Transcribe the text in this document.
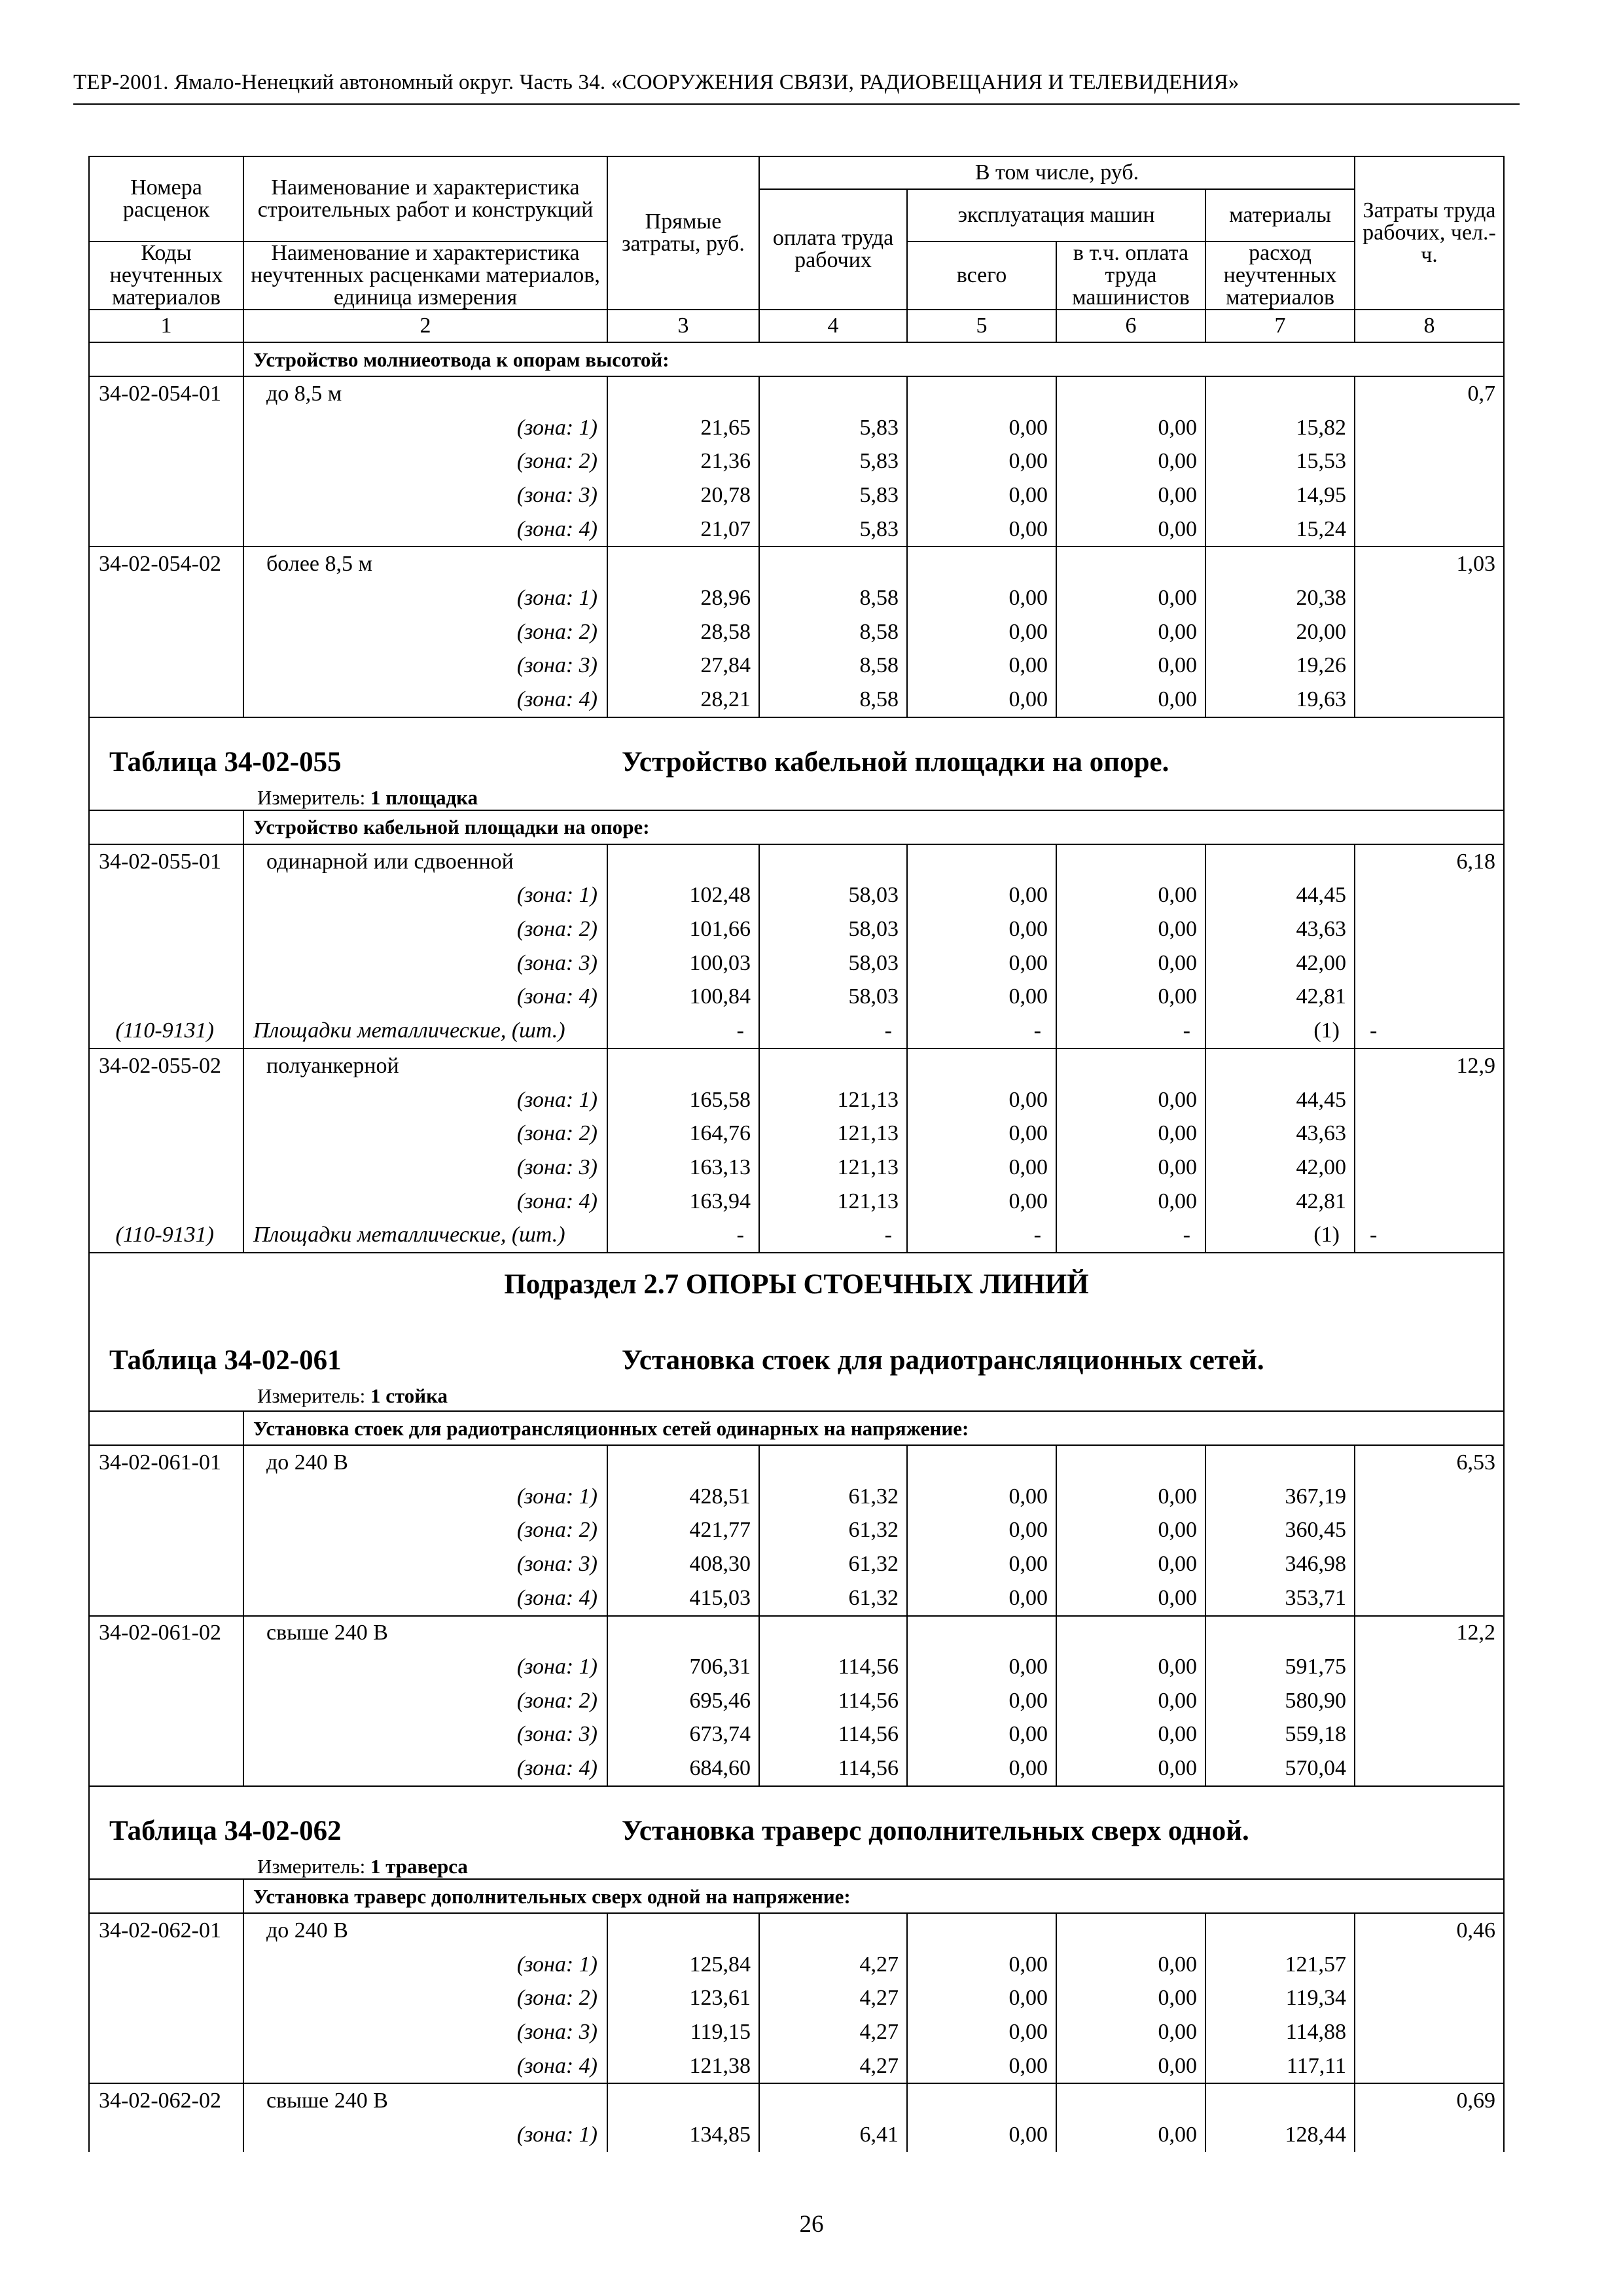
ТЕР-2001. Ямало-Ненецкий автономный округ. Часть 34. «СООРУЖЕНИЯ СВЯЗИ, РАДИОВЕЩАНИЯ И ТЕЛЕВИДЕНИЯ»
Номера расценок	Наименование и характеристика строительных работ и конструкций	Прямые затраты, руб.	В том числе, руб.				Затраты труда рабочих, чел.-ч.
			оплата труда рабочих	эксплуатация машин		материалы	
Коды неучтенных материалов	Наименование и характеристика неучтенных расценками материалов, единица измерения			всего	в т.ч. оплата труда машинистов	расход неучтенных материалов	
1	2	3	4	5	6	7	8
	Устройство молниеотвода к опорам высотой:						
34-02-054-01	до 8,5 м						0,7
	(зона: 1)	21,65	5,83	0,00	0,00	15,82	
	(зона: 2)	21,36	5,83	0,00	0,00	15,53	
	(зона: 3)	20,78	5,83	0,00	0,00	14,95	
	(зона: 4)	21,07	5,83	0,00	0,00	15,24	
34-02-054-02	более 8,5 м						1,03
	(зона: 1)	28,96	8,58	0,00	0,00	20,38	
	(зона: 2)	28,58	8,58	0,00	0,00	20,00	
	(зона: 3)	27,84	8,58	0,00	0,00	19,26	
	(зона: 4)	28,21	8,58	0,00	0,00	19,63	

Таблица 34-02-055 Устройство кабельной площадки на опоре.
Измеритель: 1 площадка							

	Устройство кабельной площадки на опоре:						
34-02-055-01	одинарной или сдвоенной						6,18
	(зона: 1)	102,48	58,03	0,00	0,00	44,45	
	(зона: 2)	101,66	58,03	0,00	0,00	43,63	
	(зона: 3)	100,03	58,03	0,00	0,00	42,00	
	(зона: 4)	100,84	58,03	0,00	0,00	42,81	
(110-9131)	Площадки металлические, (шт.)	-	-	-	-	(1)	-
34-02-055-02	полуанкерной						12,9
	(зона: 1)	165,58	121,13	0,00	0,00	44,45	
	(зона: 2)	164,76	121,13	0,00	0,00	43,63	
	(зона: 3)	163,13	121,13	0,00	0,00	42,00	
	(зона: 4)	163,94	121,13	0,00	0,00	42,81	
(110-9131)	Площадки металлические, (шт.)	-	-	-	-	(1)	-

Подраздел 2.7 ОПОРЫ СТОЕЧНЫХ ЛИНИЙ
Таблица 34-02-061 Установка стоек для радиотрансляционных сетей.
Измеритель: 1 стойка							

	Установка стоек для радиотрансляционных сетей одинарных на напряжение:						
34-02-061-01	до 240 В						6,53
	(зона: 1)	428,51	61,32	0,00	0,00	367,19	
	(зона: 2)	421,77	61,32	0,00	0,00	360,45	
	(зона: 3)	408,30	61,32	0,00	0,00	346,98	
	(зона: 4)	415,03	61,32	0,00	0,00	353,71	
34-02-061-02	свыше 240 В						12,2
	(зона: 1)	706,31	114,56	0,00	0,00	591,75	
	(зона: 2)	695,46	114,56	0,00	0,00	580,90	
	(зона: 3)	673,74	114,56	0,00	0,00	559,18	
	(зона: 4)	684,60	114,56	0,00	0,00	570,04	

Таблица 34-02-062 Установка траверс дополнительных сверх одной.
Измеритель: 1 траверса							

	Установка траверс дополнительных сверх одной на напряжение:						
34-02-062-01	до 240 В						0,46
	(зона: 1)	125,84	4,27	0,00	0,00	121,57	
	(зона: 2)	123,61	4,27	0,00	0,00	119,34	
	(зона: 3)	119,15	4,27	0,00	0,00	114,88	
	(зона: 4)	121,38	4,27	0,00	0,00	117,11	
34-02-062-02	свыше 240 В						0,69
	(зона: 1)	134,85	6,41	0,00	0,00	128,44	
26
